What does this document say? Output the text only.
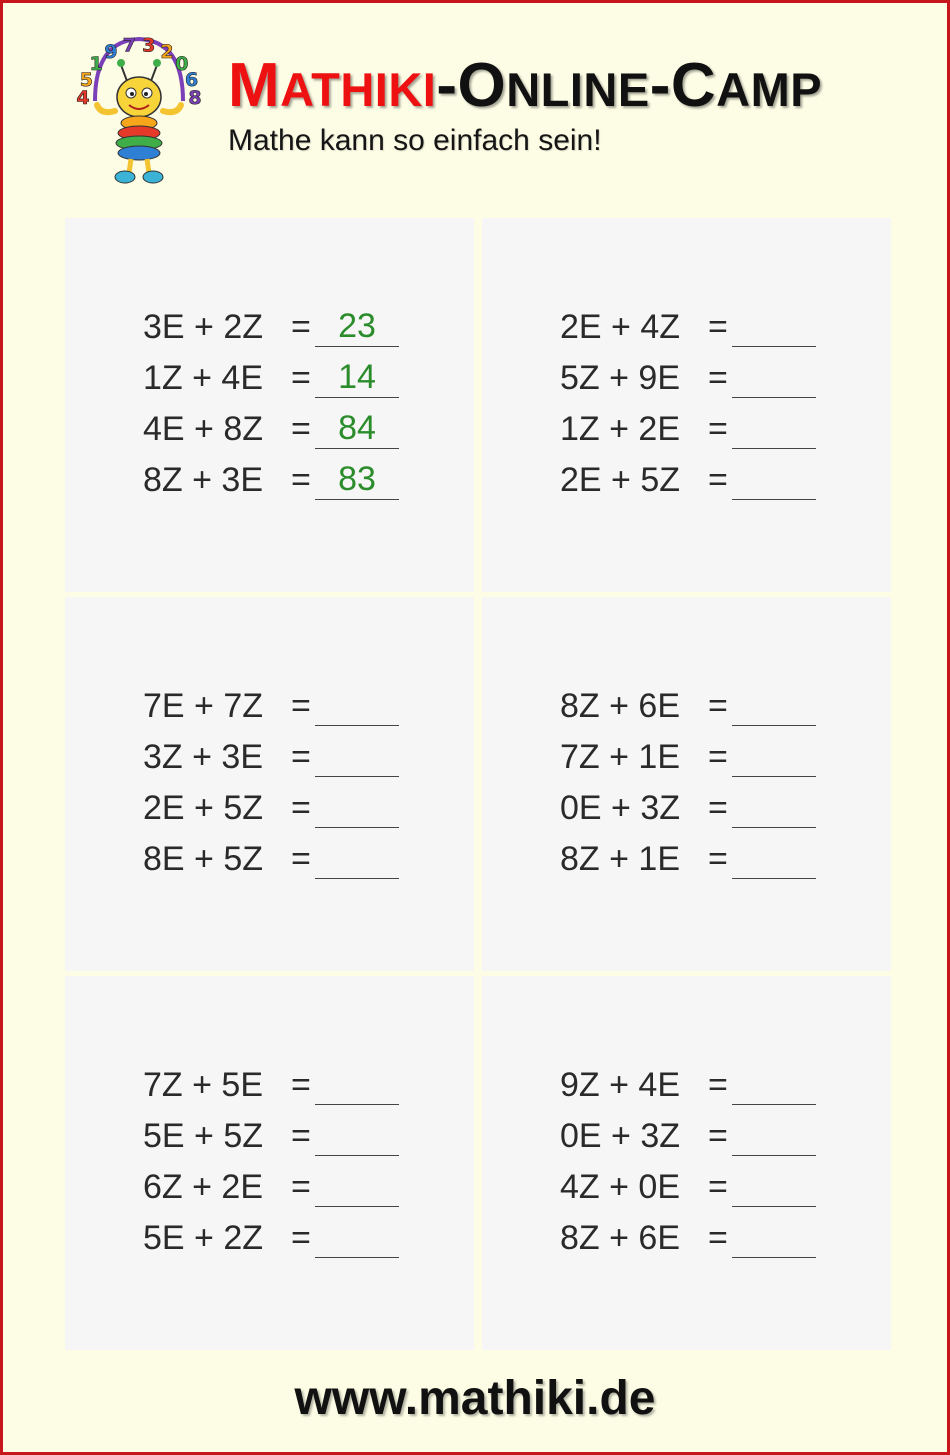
4
5
1
9 7 3 2
0
6
8 MATHIKI-ONLINE-CAMP
Mathe kann so einfach sein!
3E + 2Z = 23
1Z + 4E = 14
4E + 8Z = 84
8Z + 3E = 83
2E + 4Z =
5Z + 9E =
1Z + 2E =
2E + 5Z =
7E + 7Z =
3Z + 3E =
2E + 5Z =
8E + 5Z =
8Z + 6E =
7Z + 1E =
0E + 3Z =
8Z + 1E =
7Z + 5E =
5E + 5Z =
6Z + 2E =
5E + 2Z =
9Z + 4E =
0E + 3Z =
4Z + 0E =
8Z + 6E =
www.mathiki.de
